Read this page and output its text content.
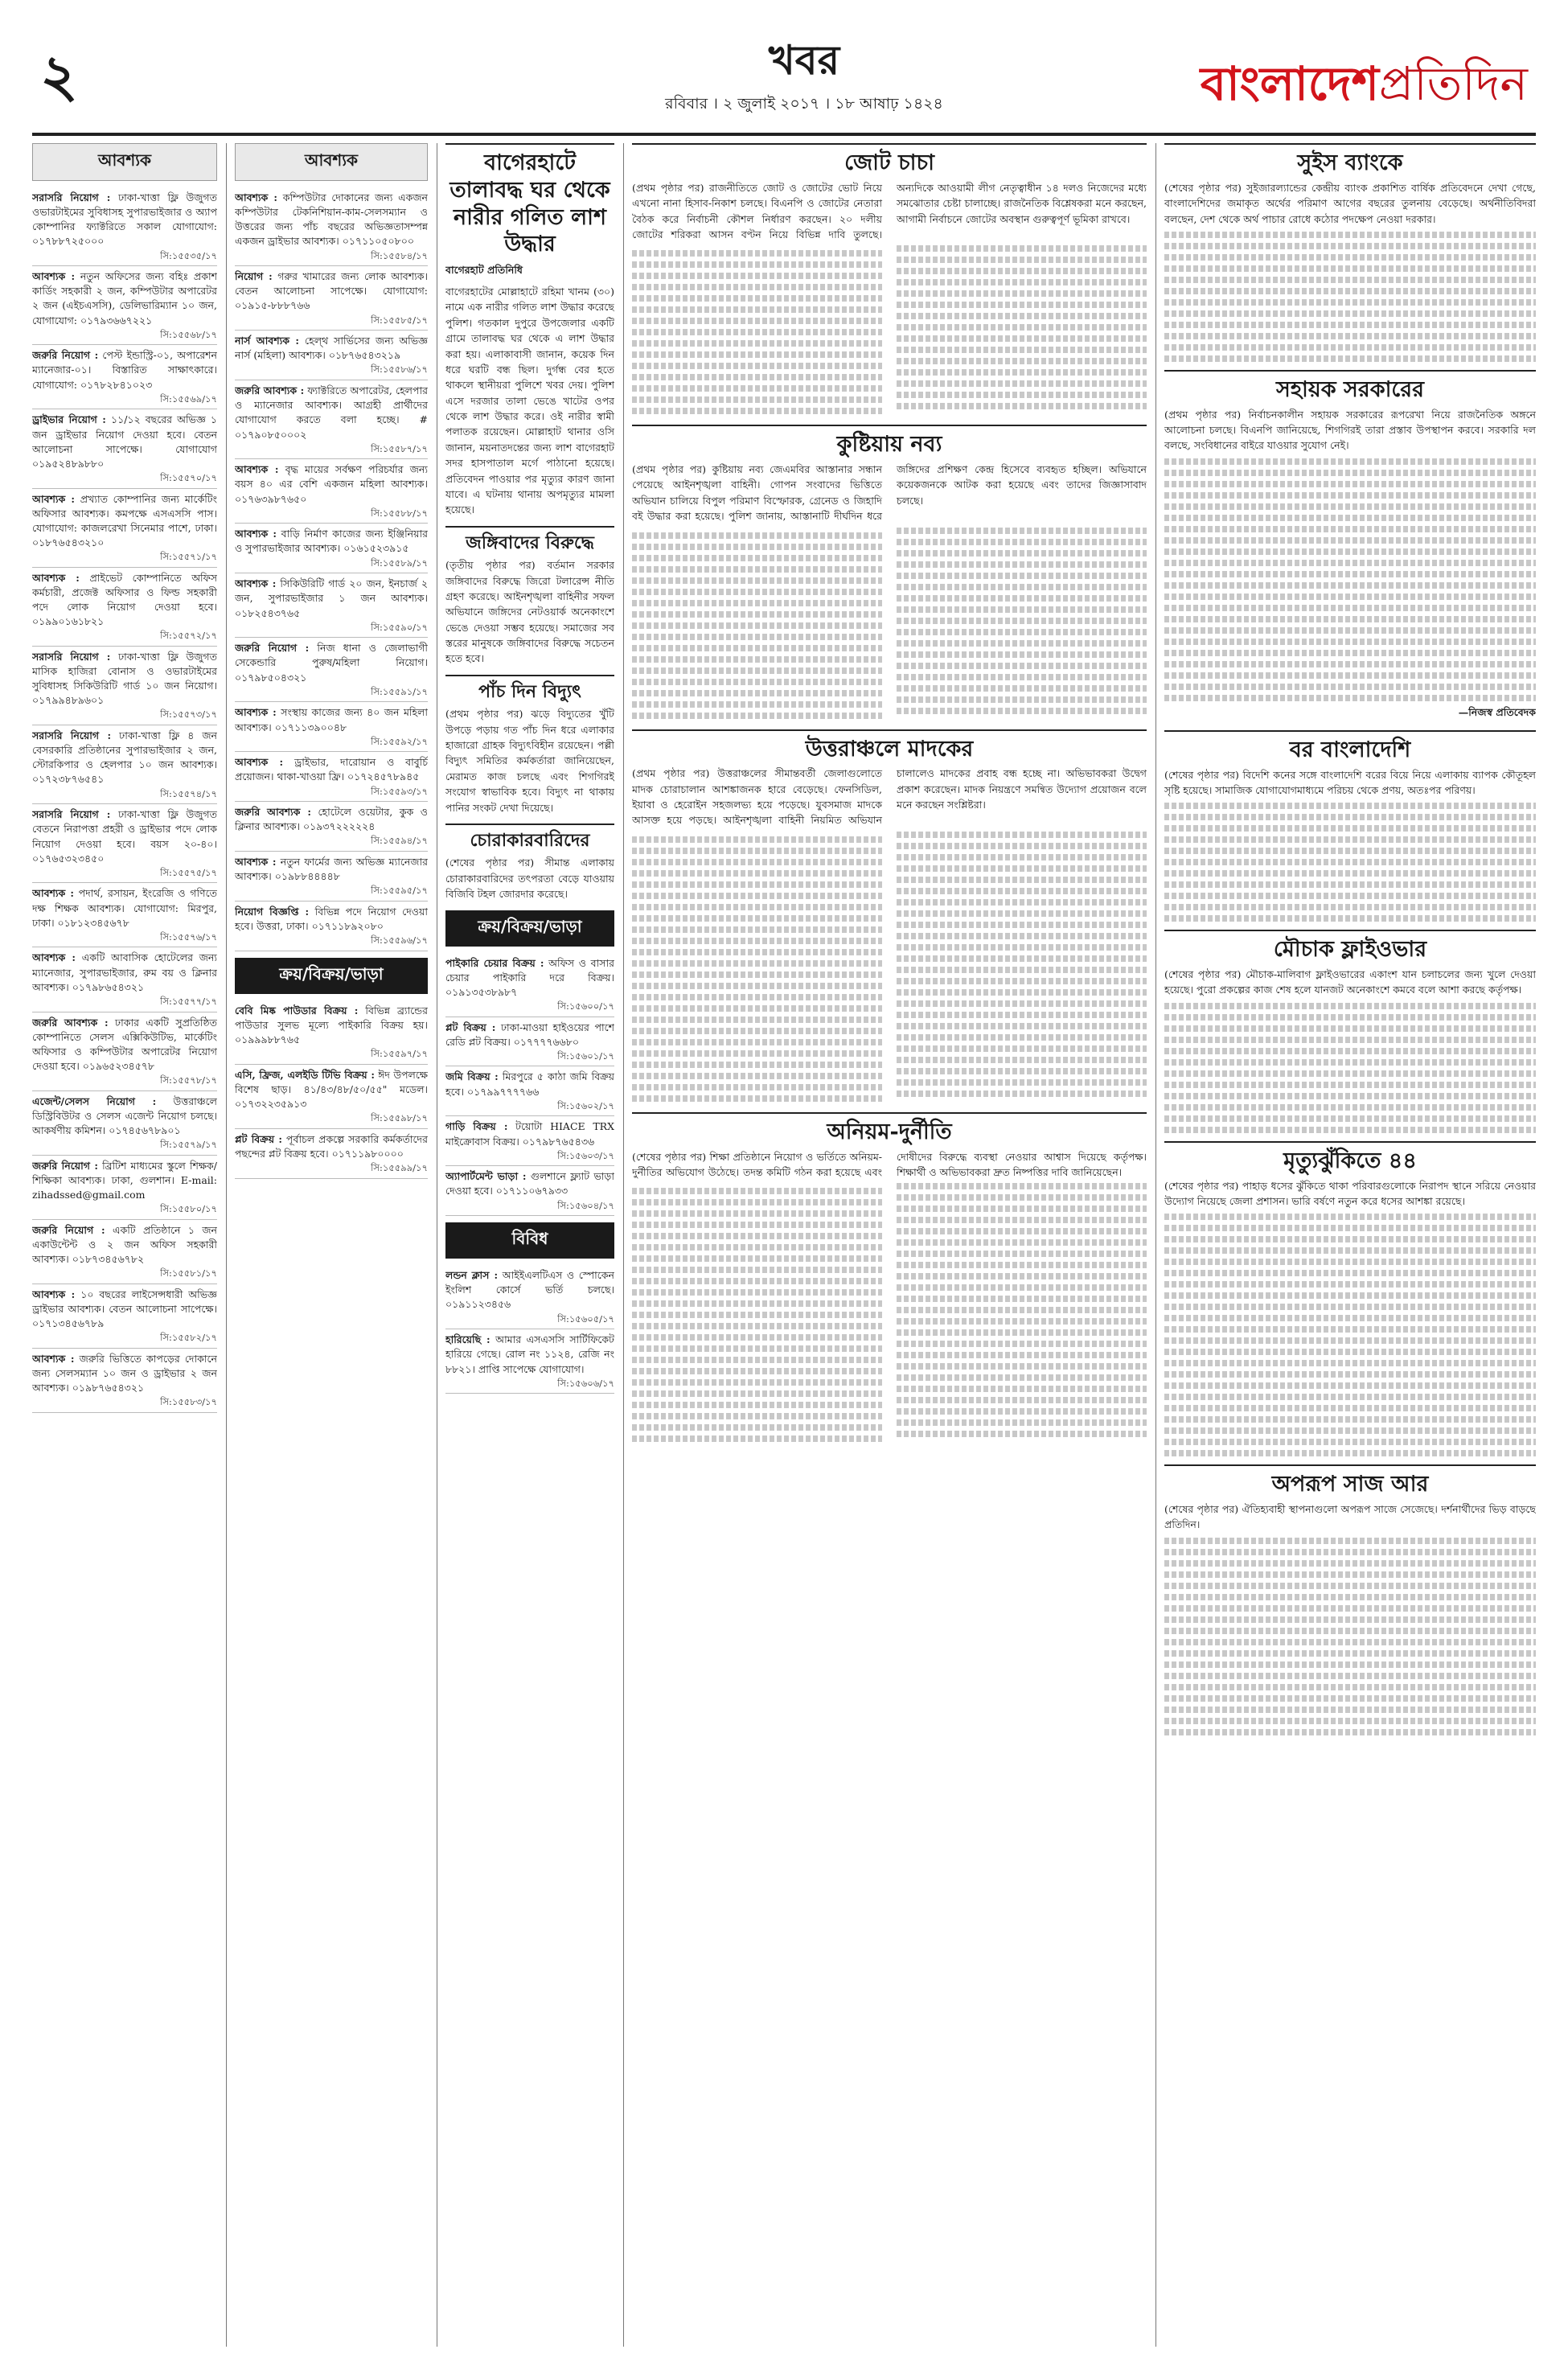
২	খবর
রবিবার । ২ জুলাই ২০১৭ । ১৮ আষাঢ় ১৪২৪	বাংলাদেশপ্রতিদিন
আবশ্যক
সরাসরি নিয়োগ : ঢাকা-খাত্তা ফ্লি উজুগত ওভারটাইমের সুবিধাসহ সুপারভাইজার ও অ্যাপ কোম্পানির ফ্যাক্টরিতে সকাল যোগাযোগ: ০১৭৮৮৭২৫০০০
সি:১৫৫৩৫/১৭
আবশ্যক : নতুন অফিসের জন্য বহিঃ প্রকাশ কার্ডিং সহকারী ২ জন, কম্পিউটার অপারেটর ২ জন (এইচএসসি), ডেলিভারিম্যান ১০ জন, যোগাযোগ: ০১৭৯৩৬৬৭২২১
সি:১৫৫৬৮/১৭
জরুরি নিয়োগ : পেস্ট ইন্ডাস্ট্রি-০১, অপারেশন ম্যানেজার-০১। বিস্তারিত সাক্ষাৎকারে। যোগাযোগ: ০১৭৮২৮৪১০২৩
সি:১৫৫৬৯/১৭
ড্রাইভার নিয়োগ : ১১/১২ বছরের অভিজ্ঞ ১ জন ড্রাইভার নিয়োগ দেওয়া হবে। বেতন আলোচনা সাপেক্ষে। যোগাযোগ ০১৯৫২৪৮৯৮৮০
সি:১৫৫৭০/১৭
আবশ্যক : প্রখ্যাত কোম্পানির জন্য মার্কেটিং অফিসার আবশ্যক। কমপক্ষে এসএসসি পাস। যোগাযোগ: কাজলরেখা সিনেমার পাশে, ঢাকা। ০১৮৭৬৫৪৩২১০
সি:১৫৫৭১/১৭
আবশ্যক : প্রাইভেট কোম্পানিতে অফিস কর্মচারী, প্রজেক্ট অফিসার ও ফিল্ড সহকারী পদে লোক নিয়োগ দেওয়া হবে। ০১৯৯০১৬১৮২১
সি:১৫৫৭২/১৭
সরাসরি নিয়োগ : ঢাকা-খাত্তা ফ্লি উজুগত মাসিক হাজিরা বোনাস ও ওভারটাইমের সুবিধাসহ সিকিউরিটি গার্ড ১০ জন নিয়োগ। ০১৭৯৯৪৮৯৬০১
সি:১৫৫৭৩/১৭
সরাসরি নিয়োগ : ঢাকা-খাত্তা ফ্লি ৪ জন বেসরকারি প্রতিষ্ঠানের সুপারভাইজার ২ জন, স্টোরকিপার ও হেলপার ১০ জন আবশ্যক। ০১৭২৩৮৭৬৫৪১
সি:১৫৫৭৪/১৭
সরাসরি নিয়োগ : ঢাকা-খাত্তা ফ্লি উজুগত বেতনে নিরাপত্তা প্রহরী ও ড্রাইভার পদে লোক নিয়োগ দেওয়া হবে। বয়স ২০-৪০। ০১৭৬৫৩২৩৪৫০
সি:১৫৫৭৫/১৭
আবশ্যক : পদার্থ, রসায়ন, ইংরেজি ও গণিতে দক্ষ শিক্ষক আবশ্যক। যোগাযোগ: মিরপুর, ঢাকা। ০১৮১২৩৪৫৬৭৮
সি:১৫৫৭৬/১৭
আবশ্যক : একটি আবাসিক হোটেলের জন্য ম্যানেজার, সুপারভাইজার, রুম বয় ও ক্লিনার আবশ্যক। ০১৭৯৮৬৫৪৩২১
সি:১৫৫৭৭/১৭
জরুরি আবশ্যক : ঢাকার একটি সুপ্রতিষ্ঠিত কোম্পানিতে সেলস এক্সিকিউটিভ, মার্কেটিং অফিসার ও কম্পিউটার অপারেটর নিয়োগ দেওয়া হবে। ০১৯৬৫২৩৪৫৭৮
সি:১৫৫৭৮/১৭
এজেন্ট/সেলস নিয়োগ : উত্তরাঞ্চলে ডিস্ট্রিবিউটর ও সেলস এজেন্ট নিয়োগ চলছে। আকর্ষণীয় কমিশন। ০১৭৪৫৬৭৮৯০১
সি:১৫৫৭৯/১৭
জরুরি নিয়োগ : ব্রিটিশ মাধ্যমের স্কুলে শিক্ষক/শিক্ষিকা আবশ্যক। ঢাকা, গুলশান। E-mail: zihadssed@gmail.com
সি:১৫৫৮০/১৭
জরুরি নিয়োগ : একটি প্রতিষ্ঠানে ১ জন একাউন্টেন্ট ও ২ জন অফিস সহকারী আবশ্যক। ০১৮৭৩৪৫৬৭৮২
সি:১৫৫৮১/১৭
আবশ্যক : ১০ বছরের লাইসেন্সধারী অভিজ্ঞ ড্রাইভার আবশ্যক। বেতন আলোচনা সাপেক্ষে। ০১৭১৩৪৫৬৭৮৯
সি:১৫৫৮২/১৭
আবশ্যক : জরুরি ভিত্তিতে কাপড়ের দোকানে জন্য সেলসম্যান ১০ জন ও ড্রাইভার ২ জন আবশ্যক। ০১৯৮৭৬৫৪৩২১
সি:১৫৫৮৩/১৭
আবশ্যক
আবশ্যক : কম্পিউটার দোকানের জন্য একজন কম্পিউটার টেকনিশিয়ান-কাম-সেলসম্যান ও উত্তরের জন্য পাঁচ বছরের অভিজ্ঞতাসম্পন্ন একজন ড্রাইভার আবশ্যক। ০১৭১১০৫০৮০০
সি:১৫৫৮৪/১৭
নিয়োগ : গরুর খামারের জন্য লোক আবশ্যক। বেতন আলোচনা সাপেক্ষে। যোগাযোগ: ০১৯১৫-৮৮৮৭৬৬
সি:১৫৫৮৫/১৭
নার্স আবশ্যক : হেল্থ সার্ভিসের জন্য অভিজ্ঞ নার্স (মহিলা) আবশ্যক। ০১৮৭৬৫৪৩২১৯
সি:১৫৫৮৬/১৭
জরুরি আবশ্যক : ফ্যাক্টরিতে অপারেটর, হেলপার ও ম্যানেজার আবশ্যক। আগ্রহী প্রার্থীদের যোগাযোগ করতে বলা হচ্ছে। # ০১৭৯০৮৫০০০২
সি:১৫৫৮৭/১৭
আবশ্যক : বৃদ্ধ মায়ের সর্বক্ষণ পরিচর্যার জন্য বয়স ৪০ এর বেশি একজন মহিলা আবশ্যক। ০১৭৬৩৯৮৭৬৫০
সি:১৫৫৮৮/১৭
আবশ্যক : বাড়ি নির্মাণ কাজের জন্য ইঞ্জিনিয়ার ও সুপারভাইজার আবশ্যক। ০১৬১৫২৩৯১৫
সি:১৫৫৮৯/১৭
আবশ্যক : সিকিউরিটি গার্ড ২০ জন, ইনচার্জ ২ জন, সুপারভাইজার ১ জন আবশ্যক। ০১৮২৫৪৩৭৬৫
সি:১৫৫৯০/১৭
জরুরি নিয়োগ : নিজ ধানা ও জেলাভাগী সেকেন্ডারি পুরুষ/মহিলা নিয়োগ। ০১৭৯৮৫০৪৩২১
সি:১৫৫৯১/১৭
আবশ্যক : সংস্থায় কাজের জন্য ৪০ জন মহিলা আবশ্যক। ০১৭১১৩৯০০৪৮
সি:১৫৫৯২/১৭
আবশ্যক : ড্রাইভার, দারোয়ান ও বাবুর্চি প্রয়োজন। থাকা-খাওয়া ফ্রি। ০১৭২৪৫৭৮৯৪৫
সি:১৫৫৯৩/১৭
জরুরি আবশ্যক : হোটেলে ওয়েটার, কুক ও ক্লিনার আবশ্যক। ০১৯৩৭২২২২২৪
সি:১৫৫৯৪/১৭
আবশ্যক : নতুন ফার্মের জন্য অভিজ্ঞ ম্যানেজার আবশ্যক। ০১৯৮৮৪৪৪৪৮
সি:১৫৫৯৫/১৭
নিয়োগ বিজ্ঞপ্তি : বিভিন্ন পদে নিয়োগ দেওয়া হবে। উত্তরা, ঢাকা। ০১৭১১৮৯২০৮০
সি:১৫৫৯৬/১৭
ক্রয়/বিক্রয়/ভাড়া
বেবি মিষ্ক পাউডার বিক্রয় : বিভিন্ন ব্র্যান্ডের পাউডার সুলভ মূল্যে পাইকারি বিক্রয় হয়। ০১৯৯৯৮৮৭৬৫
সি:১৫৫৯৭/১৭
এসি, ফ্রিজ, এলইডি টিভি বিক্রয় : ঈদ উপলক্ষে বিশেষ ছাড়। ৪১/৪৩/৪৮/৫০/৫৫" মডেল। ০১৭৩২২৩৫৯১৩
সি:১৫৫৯৮/১৭
প্লট বিক্রয় : পূর্বাচল প্রকল্পে সরকারি কর্মকর্তাদের পছন্দের প্লট বিক্রয় হবে। ০১৭১১৯৮০০০০
সি:১৫৫৯৯/১৭
বাগেরহাটে তালাবদ্ধ ঘর থেকে নারীর গলিত লাশ উদ্ধার
বাগেরহাট প্রতিনিধি
বাগেরহাটের মোল্লাহাটে রহিমা খানম (৩০) নামে এক নারীর গলিত লাশ উদ্ধার করেছে পুলিশ। গতকাল দুপুরে উপজেলার একটি গ্রামে তালাবদ্ধ ঘর থেকে এ লাশ উদ্ধার করা হয়। এলাকাবাসী জানান, কয়েক দিন ধরে ঘরটি বন্ধ ছিল। দুর্গন্ধ বের হতে থাকলে স্থানীয়রা পুলিশে খবর দেয়। পুলিশ এসে দরজার তালা ভেঙে খাটের ওপর থেকে লাশ উদ্ধার করে। ওই নারীর স্বামী পলাতক রয়েছেন। মোল্লাহাট থানার ওসি জানান, ময়নাতদন্তের জন্য লাশ বাগেরহাট সদর হাসপাতাল মর্গে পাঠানো হয়েছে। প্রতিবেদন পাওয়ার পর মৃত্যুর কারণ জানা যাবে। এ ঘটনায় থানায় অপমৃত্যুর মামলা হয়েছে।
জঙ্গিবাদের বিরুদ্ধে
(তৃতীয় পৃষ্ঠার পর) বর্তমান সরকার জঙ্গিবাদের বিরুদ্ধে জিরো টলারেন্স নীতি গ্রহণ করেছে। আইনশৃঙ্খলা বাহিনীর সফল অভিযানে জঙ্গিদের নেটওয়ার্ক অনেকাংশে ভেঙে দেওয়া সম্ভব হয়েছে। সমাজের সব স্তরের মানুষকে জঙ্গিবাদের বিরুদ্ধে সচেতন হতে হবে।
পাঁচ দিন বিদ্যুৎ
(প্রথম পৃষ্ঠার পর) ঝড়ে বিদ্যুতের খুঁটি উপড়ে পড়ায় গত পাঁচ দিন ধরে এলাকার হাজারো গ্রাহক বিদ্যুৎবিহীন রয়েছেন। পল্লী বিদ্যুৎ সমিতির কর্মকর্তারা জানিয়েছেন, মেরামত কাজ চলছে এবং শিগগিরই সংযোগ স্বাভাবিক হবে। বিদ্যুৎ না থাকায় পানির সংকট দেখা দিয়েছে।
চোরাকারবারিদের
(শেষের পৃষ্ঠার পর) সীমান্ত এলাকায় চোরাকারবারিদের তৎপরতা বেড়ে যাওয়ায় বিজিবি টহল জোরদার করেছে।
ক্রয়/বিক্রয়/ভাড়া
পাইকারি চেয়ার বিক্রয় : অফিস ও বাসার চেয়ার পাইকারি দরে বিক্রয়। ০১৯১৩৫৩৮৯৮৭
সি:১৫৬০০/১৭
প্লট বিক্রয় : ঢাকা-মাওয়া হাইওয়ের পাশে রেডি প্লট বিক্রয়। ০১৭৭৭৭৬৬৮০
সি:১৫৬০১/১৭
জমি বিক্রয় : মিরপুরে ৫ কাঠা জমি বিক্রয় হবে। ০১৭৯৯৭৭৭৭৬৬
সি:১৫৬০২/১৭
গাড়ি বিক্রয় : টয়োটা HIACE TRX মাইক্রোবাস বিক্রয়। ০১৭৯৮৭৬৫৪৩৬
সি:১৫৬০৩/১৭
অ্যাপার্টমেন্ট ভাড়া : গুলশানে ফ্ল্যাট ভাড়া দেওয়া হবে। ০১৭১১০৬৭৯৩৩
সি:১৫৬০৪/১৭
বিবিধ
লন্ডন ক্লাস : আইইএলটিএস ও স্পোকেন ইংলিশ কোর্সে ভর্তি চলছে। ০১৯১১২৩৪৫৬
সি:১৫৬০৫/১৭
হারিয়েছি : আমার এসএসসি সার্টিফিকেট হারিয়ে গেছে। রোল নং ১১২৪, রেজি নং ৮৮২১। প্রাপ্তি সাপেক্ষে যোগাযোগ।
সি:১৫৬০৬/১৭
জোট চাচা
(প্রথম পৃষ্ঠার পর) রাজনীতিতে জোট ও জোটের ভোট নিয়ে এখনো নানা হিসাব-নিকাশ চলছে। বিএনপি ও জোটের নেতারা বৈঠক করে নির্বাচনী কৌশল নির্ধারণ করছেন। ২০ দলীয় জোটের শরিকরা আসন বণ্টন নিয়ে বিভিন্ন দাবি তুলছে। অন্যদিকে আওয়ামী লীগ নেতৃত্বাধীন ১৪ দলও নিজেদের মধ্যে সমঝোতার চেষ্টা চালাচ্ছে। রাজনৈতিক বিশ্লেষকরা মনে করছেন, আগামী নির্বাচনে জোটের অবস্থান গুরুত্বপূর্ণ ভূমিকা রাখবে।
কুষ্টিয়ায় নব্য
(প্রথম পৃষ্ঠার পর) কুষ্টিয়ায় নব্য জেএমবির আস্তানার সন্ধান পেয়েছে আইনশৃঙ্খলা বাহিনী। গোপন সংবাদের ভিত্তিতে অভিযান চালিয়ে বিপুল পরিমাণ বিস্ফোরক, গ্রেনেড ও জিহাদি বই উদ্ধার করা হয়েছে। পুলিশ জানায়, আস্তানাটি দীর্ঘদিন ধরে জঙ্গিদের প্রশিক্ষণ কেন্দ্র হিসেবে ব্যবহৃত হচ্ছিল। অভিযানে কয়েকজনকে আটক করা হয়েছে এবং তাদের জিজ্ঞাসাবাদ চলছে।
উত্তরাঞ্চলে মাদকের
(প্রথম পৃষ্ঠার পর) উত্তরাঞ্চলের সীমান্তবর্তী জেলাগুলোতে মাদক চোরাচালান আশঙ্কাজনক হারে বেড়েছে। ফেনসিডিল, ইয়াবা ও হেরোইন সহজলভ্য হয়ে পড়েছে। যুবসমাজ মাদকে আসক্ত হয়ে পড়ছে। আইনশৃঙ্খলা বাহিনী নিয়মিত অভিযান চালালেও মাদকের প্রবাহ বন্ধ হচ্ছে না। অভিভাবকরা উদ্বেগ প্রকাশ করেছেন। মাদক নিয়ন্ত্রণে সমন্বিত উদ্যোগ প্রয়োজন বলে মনে করছেন সংশ্লিষ্টরা।
অনিয়ম-দুর্নীতি
(শেষের পৃষ্ঠার পর) শিক্ষা প্রতিষ্ঠানে নিয়োগ ও ভর্তিতে অনিয়ম-দুর্নীতির অভিযোগ উঠেছে। তদন্ত কমিটি গঠন করা হয়েছে এবং দোষীদের বিরুদ্ধে ব্যবস্থা নেওয়ার আশ্বাস দিয়েছে কর্তৃপক্ষ। শিক্ষার্থী ও অভিভাবকরা দ্রুত নিষ্পত্তির দাবি জানিয়েছেন।
সুইস ব্যাংকে
(শেষের পৃষ্ঠার পর) সুইজারল্যান্ডের কেন্দ্রীয় ব্যাংক প্রকাশিত বার্ষিক প্রতিবেদনে দেখা গেছে, বাংলাদেশিদের জমাকৃত অর্থের পরিমাণ আগের বছরের তুলনায় বেড়েছে। অর্থনীতিবিদরা বলছেন, দেশ থেকে অর্থ পাচার রোধে কঠোর পদক্ষেপ নেওয়া দরকার।
সহায়ক সরকারের
(প্রথম পৃষ্ঠার পর) নির্বাচনকালীন সহায়ক সরকারের রূপরেখা নিয়ে রাজনৈতিক অঙ্গনে আলোচনা চলছে। বিএনপি জানিয়েছে, শিগগিরই তারা প্রস্তাব উপস্থাপন করবে। সরকারি দল বলছে, সংবিধানের বাইরে যাওয়ার সুযোগ নেই।
—নিজস্ব প্রতিবেদক
বর বাংলাদেশি
(শেষের পৃষ্ঠার পর) বিদেশি কনের সঙ্গে বাংলাদেশি বরের বিয়ে নিয়ে এলাকায় ব্যাপক কৌতূহল সৃষ্টি হয়েছে। সামাজিক যোগাযোগমাধ্যমে পরিচয় থেকে প্রণয়, অতঃপর পরিণয়।
মৌচাক ফ্লাইওভার
(শেষের পৃষ্ঠার পর) মৌচাক-মালিবাগ ফ্লাইওভারের একাংশ যান চলাচলের জন্য খুলে দেওয়া হয়েছে। পুরো প্রকল্পের কাজ শেষ হলে যানজট অনেকাংশে কমবে বলে আশা করছে কর্তৃপক্ষ।
মৃত্যুঝুঁকিতে ৪৪
(শেষের পৃষ্ঠার পর) পাহাড় ধসের ঝুঁকিতে থাকা পরিবারগুলোকে নিরাপদ স্থানে সরিয়ে নেওয়ার উদ্যোগ নিয়েছে জেলা প্রশাসন। ভারি বর্ষণে নতুন করে ধসের আশঙ্কা রয়েছে।
অপরূপ সাজ আর
(শেষের পৃষ্ঠার পর) ঐতিহ্যবাহী স্থাপনাগুলো অপরূপ সাজে সেজেছে। দর্শনার্থীদের ভিড় বাড়ছে প্রতিদিন।
